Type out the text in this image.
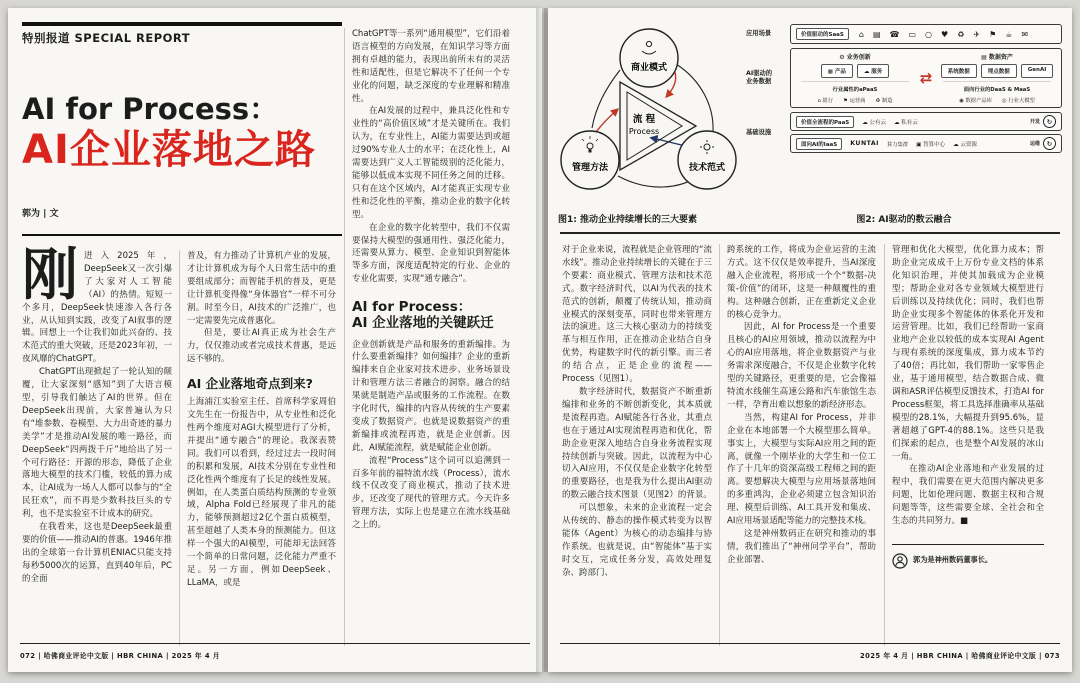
特别报道 SPECIAL REPORT
AI for Process：
AI企业落地之路
郭为 | 文

刚进入2025年，DeepSeek又一次引爆了大家对人工智能（AI）的热情。短短一个多月，DeepSeek快速渗入各行各业，从认知到实践，改变了AI叙事的逻辑。回想上一个让我们如此兴奋的、技术范式的重大突破，还是2023年初，一夜风靡的ChatGPT。

ChatGPT出现掀起了一轮认知的颠覆，让大家深刻“感知”到了大语言模型，引导我们触达了AI的世界。但在DeepSeek出现前，大家普遍认为只有“堆参数、卷模型、大力出奇迹的暴力美学”才是推动AI发展的唯一路径，而DeepSeek“四两拨千斤”地给出了另一个可行路径：开源的形态，降低了企业落地大模型的技术门槛，较低的算力成本，让AI成为一场人人都可以参与的“全民狂欢”，而不再是少数科技巨头的专利，也不是实验室不计成本的研究。

在我看来，这也是DeepSeek最重要的价值——推动AI的普惠。1946年推出的全球第一台计算机ENIAC只能支持每秒5000次的运算，直到40年后，PC的全面

普及，有力推动了计算机产业的发展，才让计算机成为每个人日常生活中的重要组成部分；而智能手机的普及，更是让计算机变得像“身体器官”一样不可分割。时至今日，AI技术的广泛推广，也一定需要先完成普惠化。

但是，要让AI真正成为社会生产力，仅仅推动或者完成技术普惠，是远远不够的。

AI 企业落地奇点到来?

上海浦江实验室主任、首席科学家周伯文先生在一份报告中，从专业性和泛化性两个维度对AGI大模型进行了分析，并提出“通专融合”的理论。我深表赞同。我们可以看到，经过过去一段时间的积累和发展，AI技术分别在专业性和泛化性两个维度有了长足的线性发展。例如，在人类蛋白质结构预测的专业领域，Alpha Fold已经展现了非凡的能力，能够预测超过2亿个蛋白质模型，甚至超越了人类本身的预测能力。但这样一个强大的AI模型，可能却无法回答一个简单的日常问题，泛化能力严重不足。另一方面，例如DeepSeek、LLaMA，或是

ChatGPT等一系列“通用模型”，它们沿着语言模型的方向发展，在知识学习等方面拥有卓越的能力，表现出前所未有的灵活性和适配性，但是它解决不了任何一个专业化的问题，缺乏深度的专业理解和精准性。

在AI发展的过程中，兼具泛化性和专业性的“高价值区域”才是关键所在。我们认为，在专业性上，AI能力需要达到或超过90%专业人士的水平；在泛化性上，AI需要达到广义人工智能级别的泛化能力，能够以低成本实现不同任务之间的迁移。只有在这个区域内，AI才能真正实现专业性和泛化性的平衡，推动企业的数字化转型。

在企业的数字化转型中，我们不仅需要保持大模型的强通用性、强泛化能力，还需要从算力、模型、企业知识到智能体等多方面，深度适配特定的行业、企业的专业化需要，实现“通专融合”。

AI for Process：
AI 企业落地的关键跃迁

企业创新就是产品和服务的重新编排。为什么要重新编排？如何编排？企业的重新编排来自企业家对技术进步、业务场景设计和管理方法三者融合的洞察。融合的结果就是制造产品或服务的工作流程。在数字化时代，编排的内容从传统的生产要素变成了数据资产。也就是说数据资产的重新编排或流程再造，就是企业创新。因此，AI赋能流程，就是赋能企业创新。

流程“Process”这个词可以追溯到一百多年前的福特流水线（Process），流水线不仅改变了商业模式，推动了技术进步，还改变了现代的管理方式。今天许多管理方法，实际上也是建立在流水线基础之上的。

072 | 哈佛商业评论中文版 | HBR CHINA | 2025 年 4 月
流 程
Process
商业模式
管理方法	技术范式
图1: 推动企业持续增长的三大要素
应用场景	价值驱动的SaaS	⌂ ▤ ☎ ▭ ○ ♥ ♻ ✈ ⚑ ☕ ✉
AI驱动的
业务数据
⚙ 业务创新
▦ 产品	☁ 服务
行业属性的aPaaS
⌂ 银行 ⚑ 运营商 ♻ 制造
⇄
▤ 数据资产
系统数据	埋点数据	GenAI
面向行业的DaaS & MaaS
◉ 数据产品库 ◎ 行业大模型
基础设施
价值全流程的PaaS	☁ 公有云 ☁ 私有云	开发	↻
面向AI的IaaS	KUNTAI 算力集群 ▣ 智算中心 ☁ 云资源	运维	↻
图2: AI驱动的数云融合

对于企业来说，流程就是企业管理的“流水线”。推动企业持续增长的关键在于三个要素：商业模式、管理方法和技术范式。数字经济时代，以AI为代表的技术范式的创新，颠覆了传统认知，推动商业模式的深刻变革，同时也带来管理方法的演进。这三大核心驱动力的持续变革与相互作用，正在推动企业结合自身优势，构建数字时代的新引擎。而三者的结合点，正是企业的流程——Process（见图1）。

数字经济时代，数据资产不断重新编排和业务的不断创新变化，其本质就是流程再造。AI赋能各行各业，其重点也在于通过AI实现流程再造和优化，帮助企业更深入地结合自身业务流程实现持续创新与突破。因此，以流程为中心切入AI应用，不仅仅是企业数字化转型的重要路径，也是我为什么提出AI驱动的数云融合技术图景（见图2）的背景。

可以想象，未来的企业流程一定会从传统的、静态的操作模式转变为以智能体（Agent）为核心的动态编排与协作系统。也就是说，由“智能体”基于实时交互，完成任务分发，高效处理复杂、跨部门、

跨系统的工作，将成为企业运营的主流方式。这不仅仅是效率提升，当AI深度融入企业流程，将形成一个个“数据-决策-价值”的闭环，这是一种颠覆性的重构。这种融合创新，正在重新定义企业的核心竞争力。

因此，AI for Process是一个重要且核心的AI应用领域，推动以流程为中心的AI应用落地，将企业数据资产与业务需求深度融合，不仅是企业数字化转型的关键路径，更重要的是，它会像福特流水线催生高速公路和汽车旅馆生态一样，孕育出难以想象的新经济形态。

当然，构建AI for Process，并非企业在本地部署一个大模型那么简单。事实上，大模型与实际AI应用之间的距离，就像一个刚毕业的大学生和一位工作了十几年的资深高级工程师之间的距离。要想解决大模型与应用场景落地间的多重鸿沟，企业必须建立包含知识治理、模型后训练、AI工具开发和集成、AI应用场景适配等能力的完整技术栈。

这是神州数码正在研究和推动的事情，我们推出了“神州问学平台”，帮助企业部署、

管理和优化大模型，优化算力成本；帮助企业完成成千上万份专业文档的体系化知识治理，并使其加载成为企业模型；帮助企业对各专业领域大模型进行后训练以及持续优化；同时，我们也帮助企业实现多个智能体的体系化开发和运营管理。比如，我们已经帮助一家商业地产企业以较低的成本实现AI Agent与现有系统的深度集成，算力成本节约了40倍；再比如，我们帮助一家零售企业，基于通用模型，结合数据合成、微调和ASR评估模型反馈技术，打造AI for Process框架，将工具选择准确率从基础模型的28.1%，大幅提升到95.6%，显著超越了GPT-4的88.1%。这些只是我们探索的起点，也是整个AI发展的冰山一角。

在推动AI企业落地和产业发展的过程中，我们需要在更大范围内解决更多问题，比如伦理问题、数据主权和合规问题等等，这些需要全球、全社会和全生态的共同努力。■

郭为是神州数码董事长。
2025 年 4 月 | HBR CHINA | 哈佛商业评论中文版 | 073
